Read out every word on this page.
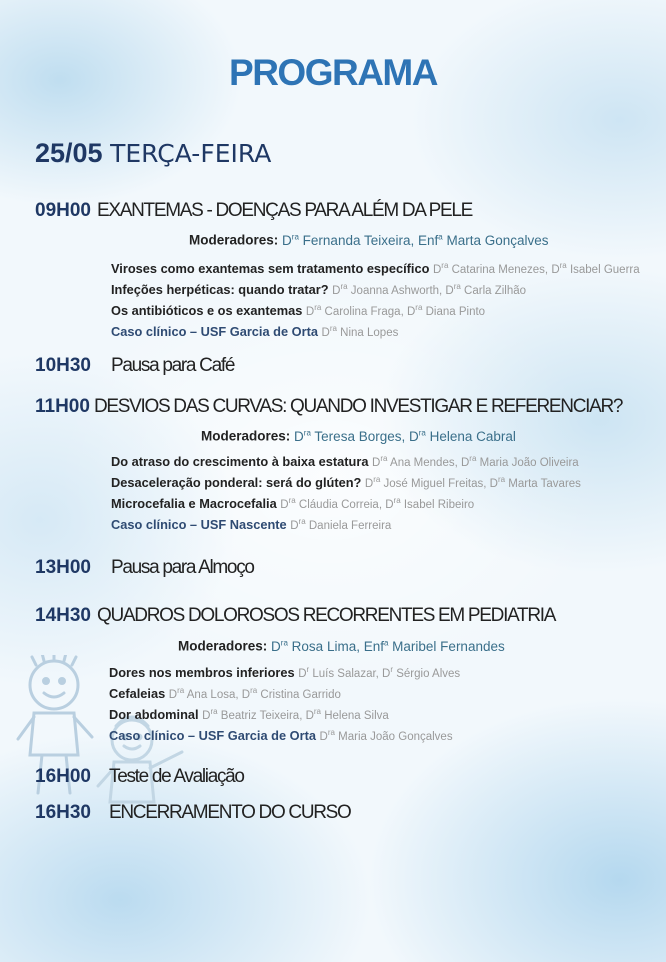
PROGRAMA
25/05 TERÇA-FEIRA
09H00 EXANTEMAS - DOENÇAS PARA ALÉM DA PELE
Moderadores: $D^{ra}$ Fernanda Teixeira, Enf$^a$ Marta Gonçalves
Viroses como exantemas sem tratamento específico $D^{ra}$ Catarina Menezes, $D^{ra}$ Isabel Guerra
Infeções herpéticas: quando tratar? $D^{ra}$ Joanna Ashworth, $D^{ra}$ Carla Zilhão
Os antibióticos e os exantemas $D^{ra}$ Carolina Fraga, $D^{ra}$ Diana Pinto
Caso clínico – USF Garcia de Orta $D^{ra}$ Nina Lopes
10H30 Pausa para Café
11H00 DESVIOS DAS CURVAS: QUANDO INVESTIGAR E REFERENCIAR?
Moderadores: $D^{ra}$ Teresa Borges, $D^{ra}$ Helena Cabral
Do atraso do crescimento à baixa estatura $D^{ra}$ Ana Mendes, $D^{ra}$ Maria João Oliveira
Desaceleração ponderal: será do glúten? $D^{ra}$ José Miguel Freitas, $D^{ra}$ Marta Tavares
Microcefalia e Macrocefalia $D^{ra}$ Cláudia Correia, $D^{ra}$ Isabel Ribeiro
Caso clínico – USF Nascente $D^{ra}$ Daniela Ferreira
13H00 Pausa para Almoço
14H30 QUADROS DOLOROSOS RECORRENTES EM PEDIATRIA
Moderadores: $D^{ra}$ Rosa Lima, Enf$^a$ Maribel Fernandes
Dores nos membros inferiores $D^r$ Luís Salazar, $D^r$ Sérgio Alves
Cefaleias $D^{ra}$ Ana Losa, $D^{ra}$ Cristina Garrido
Dor abdominal $D^{ra}$ Beatriz Teixeira, $D^{ra}$ Helena Silva
Caso clínico – USF Garcia de Orta $D^{ra}$ Maria João Gonçalves
16H00 Teste de Avaliação
16H30 ENCERRAMENTO DO CURSO
